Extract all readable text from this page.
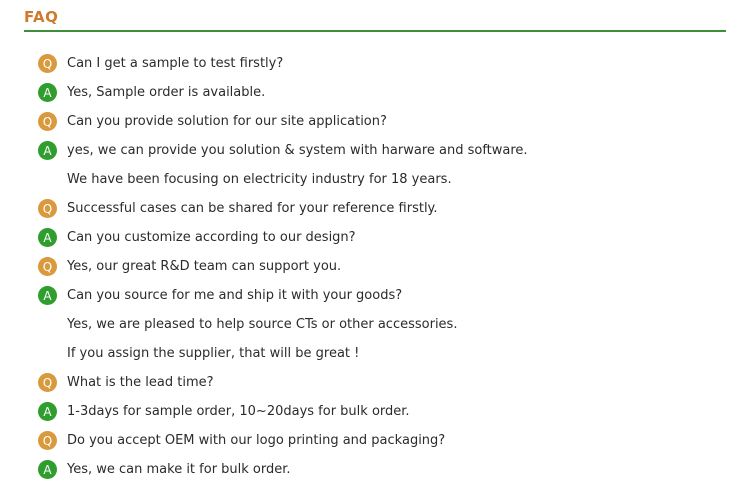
FAQ
Q	Can I get a sample to test firstly?
A	Yes, Sample order is available.
Q	Can you provide solution for our site application?
A	yes, we can provide you solution & system with harware and software.
We have been focusing on electricity industry for 18 years.
Q	Successful cases can be shared for your reference firstly.
A	Can you customize according to our design?
Q	Yes, our great R&D team can support you.
A	Can you source for me and ship it with your goods?
Yes, we are pleased to help source CTs or other accessories.
If you assign the supplier, that will be great !
Q	What is the lead time?
A	1-3days for sample order, 10~20days for bulk order.
Q	Do you accept OEM with our logo printing and packaging?
A	Yes, we can make it for bulk order.
